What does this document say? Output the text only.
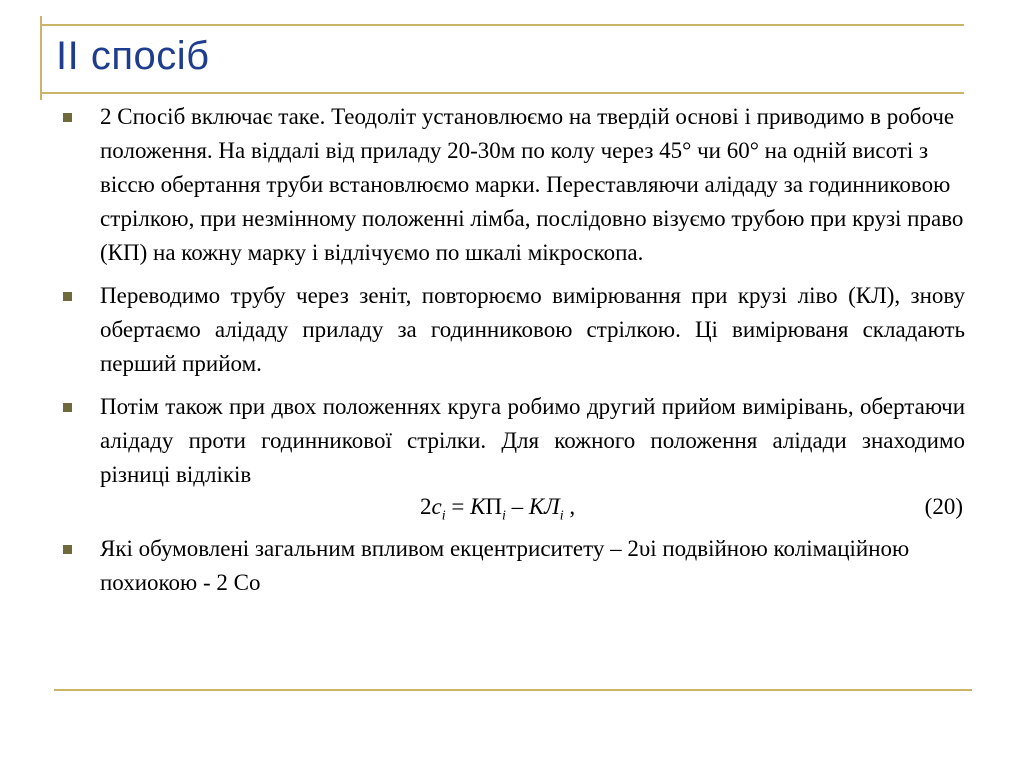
II спосіб
2 Спосіб включає таке. Теодоліт установлюємо на твердій основі і приводимо в робоче положення. На віддалі від приладу 20-30м по колу через 45° чи 60° на одній висоті з віссю обертання труби встановлюємо марки. Переставляючи алідаду за годинниковою стрілкою, при незмінному положенні лімба, послідовно візуємо трубою при крузі право (КП) на кожну марку і відлічуємо по шкалі мікроскопа.
Переводимо трубу через зеніт, повторюємо вимірювання при крузі ліво (КЛ), знову обертаємо алідаду приладу за годинниковою стрілкою. Ці вимірюваня складають перший прийом.
Потім також при двох положеннях круга робимо другий прийом вимірівань, обертаючи алідаду проти годинникової стрілки. Для кожного положення алідади знаходимо різниці відліків
$2c_i = КП_i - КЛ_i$ ,	(20)
Які обумовлені загальним впливом екцентриситету – 2υi подвійною колімаційною похиокою - 2 Со
